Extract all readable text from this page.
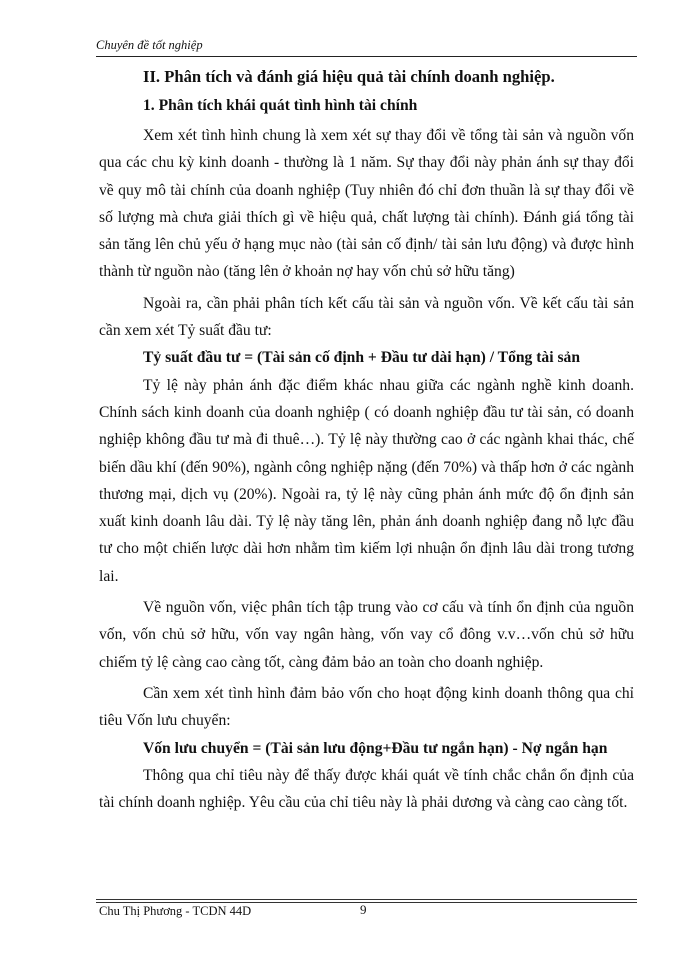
Chuyên đề tốt nghiệp

II. Phân tích và đánh giá hiệu quả tài chính doanh nghiệp.

1. Phân tích khái quát tình hình tài chính

Xem xét tình hình chung là xem xét sự thay đổi về tổng tài sản và nguồn vốn qua các chu kỳ kinh doanh - thường là 1 năm. Sự thay đổi này phản ánh sự thay đổi về quy mô tài chính của doanh nghiệp (Tuy nhiên đó chỉ đơn thuần là sự thay đổi về số lượng mà chưa giải thích gì về hiệu quả, chất lượng tài chính). Đánh giá tổng tài sản tăng lên chủ yếu ở hạng mục nào (tài sản cố định/ tài sản lưu động) và được hình thành từ nguồn nào (tăng lên ở khoản nợ hay vốn chủ sở hữu tăng)

Ngoài ra, cần phải phân tích kết cấu tài sản và nguồn vốn. Về kết cấu tài sản cần xem xét Tỷ suất đầu tư:

Tỷ suất đầu tư = (Tài sản cố định + Đầu tư dài hạn) / Tổng tài sản

Tỷ lệ này phản ánh đặc điểm khác nhau giữa các ngành nghề kinh doanh. Chính sách kinh doanh của doanh nghiệp ( có doanh nghiệp đầu tư tài sản, có doanh nghiệp không đầu tư mà đi thuê…). Tỷ lệ này thường cao ở các ngành khai thác, chế biến dầu khí (đến 90%), ngành công nghiệp nặng (đến 70%) và thấp hơn ở các ngành thương mại, dịch vụ (20%). Ngoài ra, tỷ lệ này cũng phản ánh mức độ ổn định sản xuất kinh doanh lâu dài. Tỷ lệ này tăng lên, phản ánh doanh nghiệp đang nỗ lực đầu tư cho một chiến lược dài hơn nhằm tìm kiếm lợi nhuận ổn định lâu dài trong tương lai.

Về nguồn vốn, việc phân tích tập trung vào cơ cấu và tính ổn định của nguồn vốn, vốn chủ sở hữu, vốn vay ngân hàng, vốn vay cổ đông v.v…vốn chủ sở hữu chiếm tỷ lệ càng cao càng tốt, càng đảm bảo an toàn cho doanh nghiệp.

Cần xem xét tình hình đảm bảo vốn cho hoạt động kinh doanh thông qua chỉ tiêu Vốn lưu chuyển:

Vốn lưu chuyển = (Tài sản lưu động+Đầu tư ngắn hạn) - Nợ ngắn hạn

Thông qua chỉ tiêu này để thấy được khái quát về tính chắc chắn ổn định của tài chính doanh nghiệp. Yêu cầu của chỉ tiêu này là phải dương và càng cao càng tốt.

Chu Thị Phương - TCDN 44D	9
